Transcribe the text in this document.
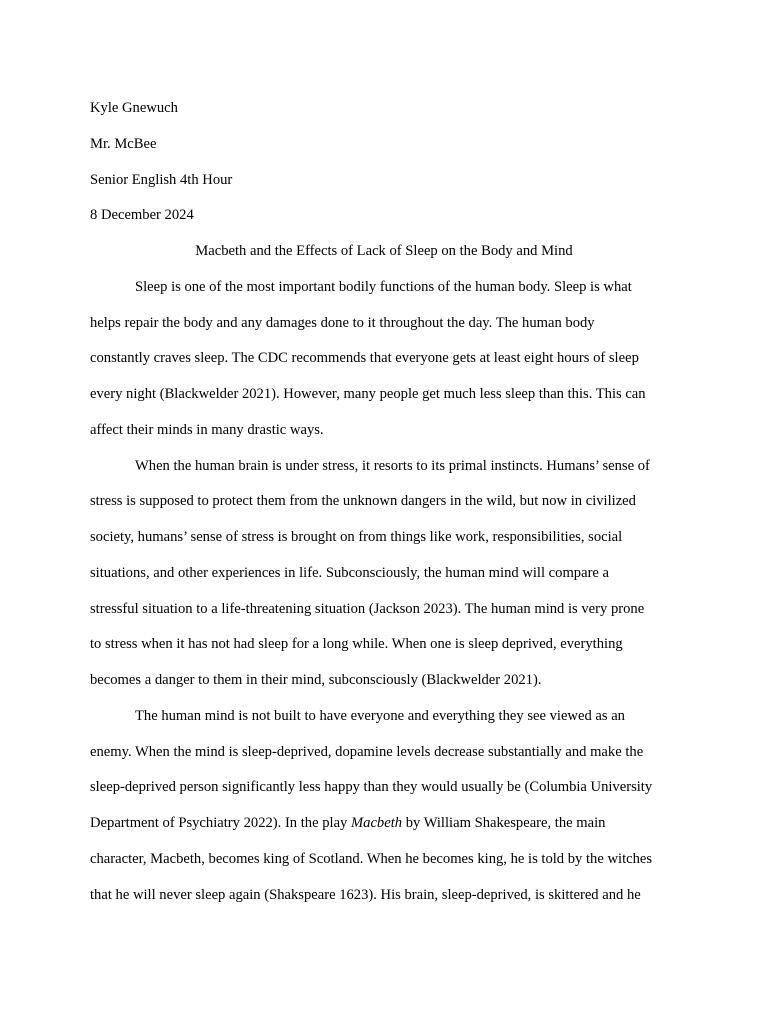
Kyle Gnewuch
Mr. McBee
Senior English 4th Hour
8 December 2024
Macbeth and the Effects of Lack of Sleep on the Body and Mind
Sleep is one of the most important bodily functions of the human body. Sleep is what
helps repair the body and any damages done to it throughout the day. The human body
constantly craves sleep. The CDC recommends that everyone gets at least eight hours of sleep
every night (Blackwelder 2021). However, many people get much less sleep than this. This can
affect their minds in many drastic ways.
When the human brain is under stress, it resorts to its primal instincts. Humans’ sense of
stress is supposed to protect them from the unknown dangers in the wild, but now in civilized
society, humans’ sense of stress is brought on from things like work, responsibilities, social
situations, and other experiences in life. Subconsciously, the human mind will compare a
stressful situation to a life-threatening situation (Jackson 2023). The human mind is very prone
to stress when it has not had sleep for a long while. When one is sleep deprived, everything
becomes a danger to them in their mind, subconsciously (Blackwelder 2021).
The human mind is not built to have everyone and everything they see viewed as an
enemy. When the mind is sleep-deprived, dopamine levels decrease substantially and make the
sleep-deprived person significantly less happy than they would usually be (Columbia University
Department of Psychiatry 2022). In the play Macbeth by William Shakespeare, the main
character, Macbeth, becomes king of Scotland. When he becomes king, he is told by the witches
that he will never sleep again (Shakspeare 1623). His brain, sleep-deprived, is skittered and he
